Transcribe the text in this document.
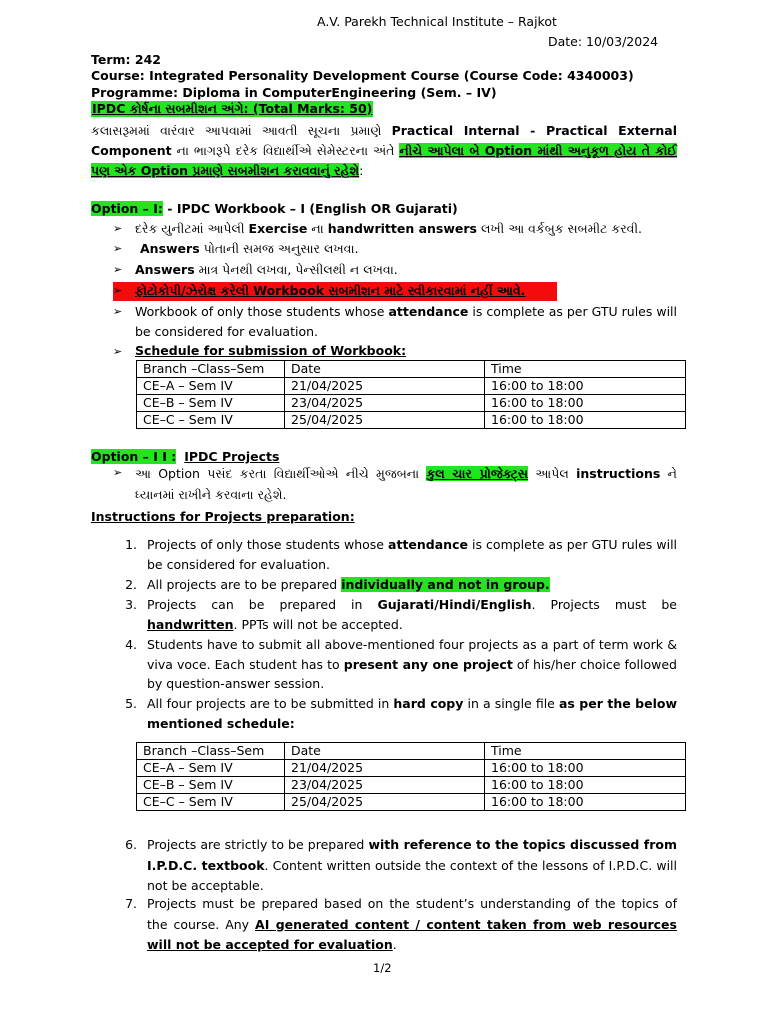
A.V. Parekh Technical Institute – Rajkot
Date: 10/03/2024
Term: 242
Course: Integrated Personality Development Course (Course Code: 4340003)
Programme: Diploma in ComputerEngineering (Sem. – IV)
IPDC કોર્ષના સબમીશન અંગે: (Total Marks: 50)
કલાસરૂમમાં વારંવાર આપવામાં આવતી સૂચના પ્રમાણે Practical Internal - Practical External Component ના ભાગરૂપે દરેક વિદ્યાર્થીએ સેમેસ્ટરના અંતે નીચે આપેલા બે Option માંથી અનુકૂળ હોય તે કોઈ પણ એક Option પ્રમાણે સબમીશન કરાવવાનું રહેશે:
Option – I: - IPDC Workbook – I (English OR Gujarati)
➢	દરેક યુનીટમાં આપેલી Exercise ના handwritten answers લખી આ વર્કબુક સબમીટ કરવી.
➢	Answers પોતાની સમજ અનુસાર લખવા.
➢	Answers માત્ર પેનથી લખવા, પેન્સીલથી ન લખવા.
➢	ફોટોકોપી/ઝેરોક્ષ કરેલી Workbook સબમીશન માટે સ્વીકારવામાં નહીં આવે.
➢	Workbook of only those students whose attendance is complete as per GTU rules will be considered for evaluation.
➢	Schedule for submission of Workbook:
Branch –Class–Sem	Date	Time
CE–A – Sem IV	21/04/2025	16:00 to 18:00
CE–B – Sem IV	23/04/2025	16:00 to 18:00
CE–C – Sem IV	25/04/2025	16:00 to 18:00
Option – I I : IPDC Projects
➢	આ Option પસંદ કરતા વિદ્યાર્થીઓએ નીચે મુજબના કુલ ચાર પ્રોજેક્ટ્સ આપેલ instructions ને ધ્યાનમાં રાખીને કરવાના રહેશે.
Instructions for Projects preparation:
1. Projects of only those students whose attendance is complete as per GTU rules will be considered for evaluation.
2. All projects are to be prepared individually and not in group.
3. Projects can be prepared in Gujarati/Hindi/English. Projects must be handwritten. PPTs will not be accepted.
4. Students have to submit all above-mentioned four projects as a part of term work & viva voce. Each student has to present any one project of his/her choice followed by question-answer session.
5. All four projects are to be submitted in hard copy in a single file as per the below mentioned schedule:
Branch –Class–Sem	Date	Time
CE–A – Sem IV	21/04/2025	16:00 to 18:00
CE–B – Sem IV	23/04/2025	16:00 to 18:00
CE–C – Sem IV	25/04/2025	16:00 to 18:00
6. Projects are strictly to be prepared with reference to the topics discussed from I.P.D.C. textbook. Content written outside the context of the lessons of I.P.D.C. will not be acceptable.
7. Projects must be prepared based on the student’s understanding of the topics of the course. Any AI generated content / content taken from web resources will not be accepted for evaluation.
1/2
